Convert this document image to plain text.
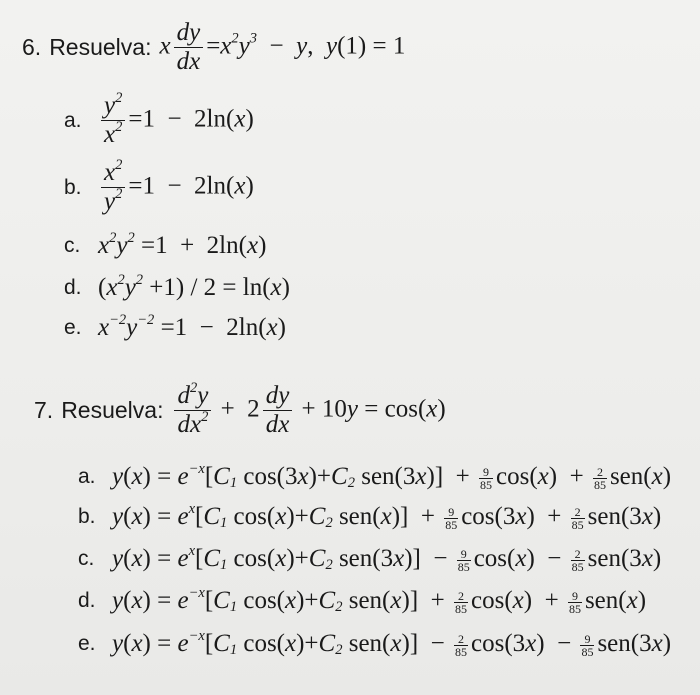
6. Resuelva: x $\frac{dy}{dx} =x^2y^3 - y$,  y(1) = 1
a. $\frac{y^2}{x^2} =1 - 2\ln(x)$
b. $\frac{x^2}{y^2} =1 - 2\ln(x)$
c. $x^2y^2 =1 + 2\ln(x)$
d. $(x^2y^2 +1) / 2 = \ln(x)$
e. $x^{-2}y^{-2} =1 - 2\ln(x)$
7. Resuelva: $\frac{d^2y}{dx^2} + 2 \frac{dy}{dx} + 10y = \cos(x)$
a. $y(x) = e^{-x}[C_1$ $\cos(3x)+C_2$ $sen(3x)] + \frac{9}{85} \cos(x) + \frac{2}{85} sen(x)$
b. $y(x) = e^x[C_1$ $\cos(x)+C_2$ $sen(x)] + \frac{9}{85} \cos(3x) + \frac{2}{85} sen(3x)$
c. $y(x) = e^x[C_1$ $\cos(x)+C_2$ $sen(3x)] - \frac{9}{85} \cos(x) - \frac{2}{85} sen(3x)$
d. $y(x) = e^{-x}[C_1$ $\cos(x)+C_2$ $sen(x)] + \frac{2}{85} \cos(x) + \frac{9}{85} sen(x)$
e. $y(x) = e^{-x}[C_1$ $\cos(x)+C_2$ $sen(x)] - \frac{2}{85} \cos(3x) - \frac{9}{85} sen(3x)$
